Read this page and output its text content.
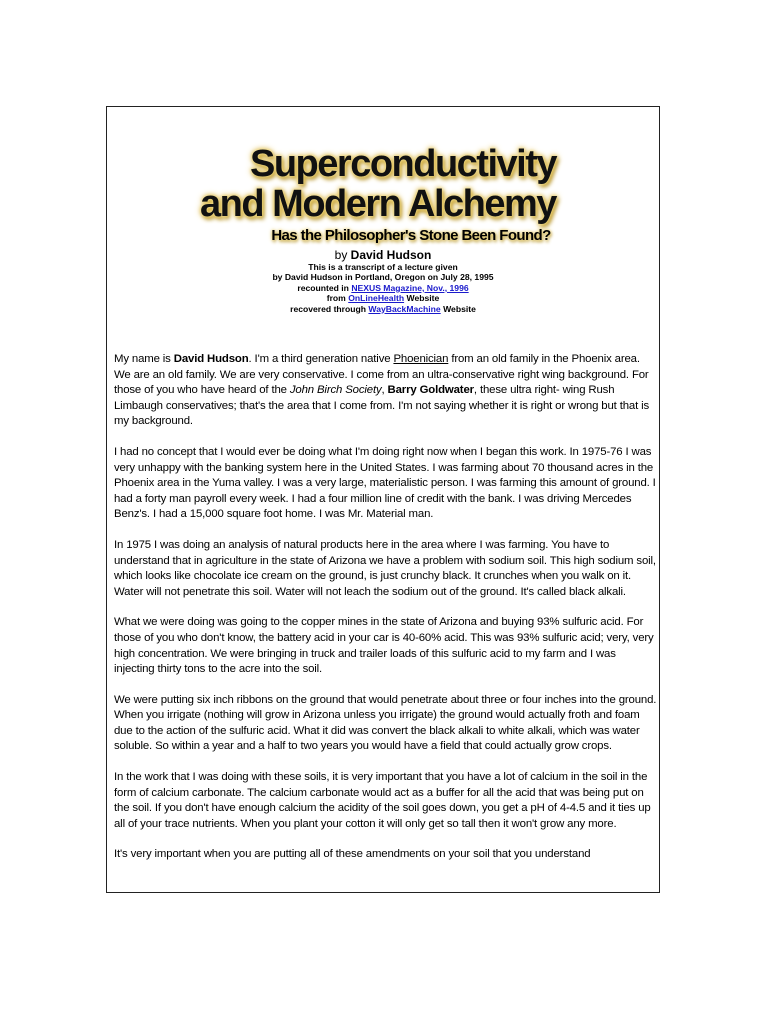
Superconductivity
and Modern Alchemy
Has the Philosopher's Stone Been Found?
by David Hudson
This is a transcript of a lecture given
by David Hudson in Portland, Oregon on July 28, 1995
recounted in NEXUS Magazine, Nov., 1996
from OnLineHealth Website
recovered through WayBackMachine Website

My name is David Hudson. I'm a third generation native Phoenician from an old family in the Phoenix area. We are an old family. We are very conservative. I come from an ultra-conservative right wing background. For those of you who have heard of the John Birch Society, Barry Goldwater, these ultra right- wing Rush Limbaugh conservatives; that's the area that I come from. I'm not saying whether it is right or wrong but that is my background.

I had no concept that I would ever be doing what I'm doing right now when I began this work. In 1975-76 I was very unhappy with the banking system here in the United States. I was farming about 70 thousand acres in the Phoenix area in the Yuma valley. I was a very large, materialistic person. I was farming this amount of ground. I had a forty man payroll every week. I had a four million line of credit with the bank. I was driving Mercedes Benz's. I had a 15,000 square foot home. I was Mr. Material man.

In 1975 I was doing an analysis of natural products here in the area where I was farming. You have to understand that in agriculture in the state of Arizona we have a problem with sodium soil. This high sodium soil, which looks like chocolate ice cream on the ground, is just crunchy black. It crunches when you walk on it. Water will not penetrate this soil. Water will not leach the sodium out of the ground. It's called black alkali.

What we were doing was going to the copper mines in the state of Arizona and buying 93% sulfuric acid. For those of you who don't know, the battery acid in your car is 40-60% acid. This was 93% sulfuric acid; very, very high concentration. We were bringing in truck and trailer loads of this sulfuric acid to my farm and I was injecting thirty tons to the acre into the soil.

We were putting six inch ribbons on the ground that would penetrate about three or four inches into the ground. When you irrigate (nothing will grow in Arizona unless you irrigate) the ground would actually froth and foam due to the action of the sulfuric acid. What it did was convert the black alkali to white alkali, which was water soluble. So within a year and a half to two years you would have a field that could actually grow crops.

In the work that I was doing with these soils, it is very important that you have a lot of calcium in the soil in the form of calcium carbonate. The calcium carbonate would act as a buffer for all the acid that was being put on the soil. If you don't have enough calcium the acidity of the soil goes down, you get a pH of 4-4.5 and it ties up all of your trace nutrients. When you plant your cotton it will only get so tall then it won't grow any more.

It's very important when you are putting all of these amendments on your soil that you understand
